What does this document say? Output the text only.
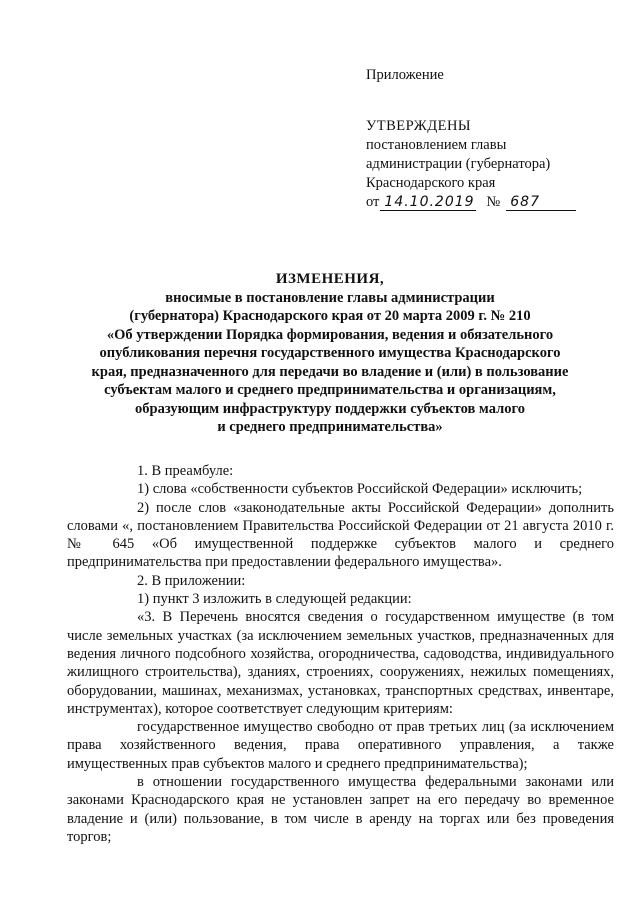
Приложение
УТВЕРЖДЕНЫ
постановлением главы
администрации (губернатора)
Краснодарского края
от 14.10.2019 № 687
ИЗМЕНЕНИЯ,
вносимые в постановление главы администрации
(губернатора) Краснодарского края от 20 марта 2009 г. № 210
«Об утверждении Порядка формирования, ведения и обязательного
опубликования перечня государственного имущества Краснодарского
края, предназначенного для передачи во владение и (или) в пользование
субъектам малого и среднего предпринимательства и организациям,
образующим инфраструктуру поддержки субъектов малого
и среднего предпринимательства»

1. В преамбуле:

1) слова «собственности субъектов Российской Федерации» исключить;

2) после слов «законодательные акты Российской Федерации» дополнить словами «, постановлением Правительства Российской Федерации от 21 августа 2010 г. № 645 «Об имущественной поддержке субъектов малого и среднего предпринимательства при предоставлении федерального имущества».

2. В приложении:

1) пункт 3 изложить в следующей редакции:

«3. В Перечень вносятся сведения о государственном имуществе (в том числе земельных участках (за исключением земельных участков, предназначенных для ведения личного подсобного хозяйства, огородничества, садоводства, индивидуального жилищного строительства), зданиях, строениях, сооружениях, нежилых помещениях, оборудовании, машинах, механизмах, установках, транспортных средствах, инвентаре, инструментах), которое соответствует следующим критериям:

государственное имущество свободно от прав третьих лиц (за исключением права хозяйственного ведения, права оперативного управления, а также имущественных прав субъектов малого и среднего предпринимательства);

в отношении государственного имущества федеральными законами или законами Краснодарского края не установлен запрет на его передачу во временное владение и (или) пользование, в том числе в аренду на торгах или без проведения торгов;
